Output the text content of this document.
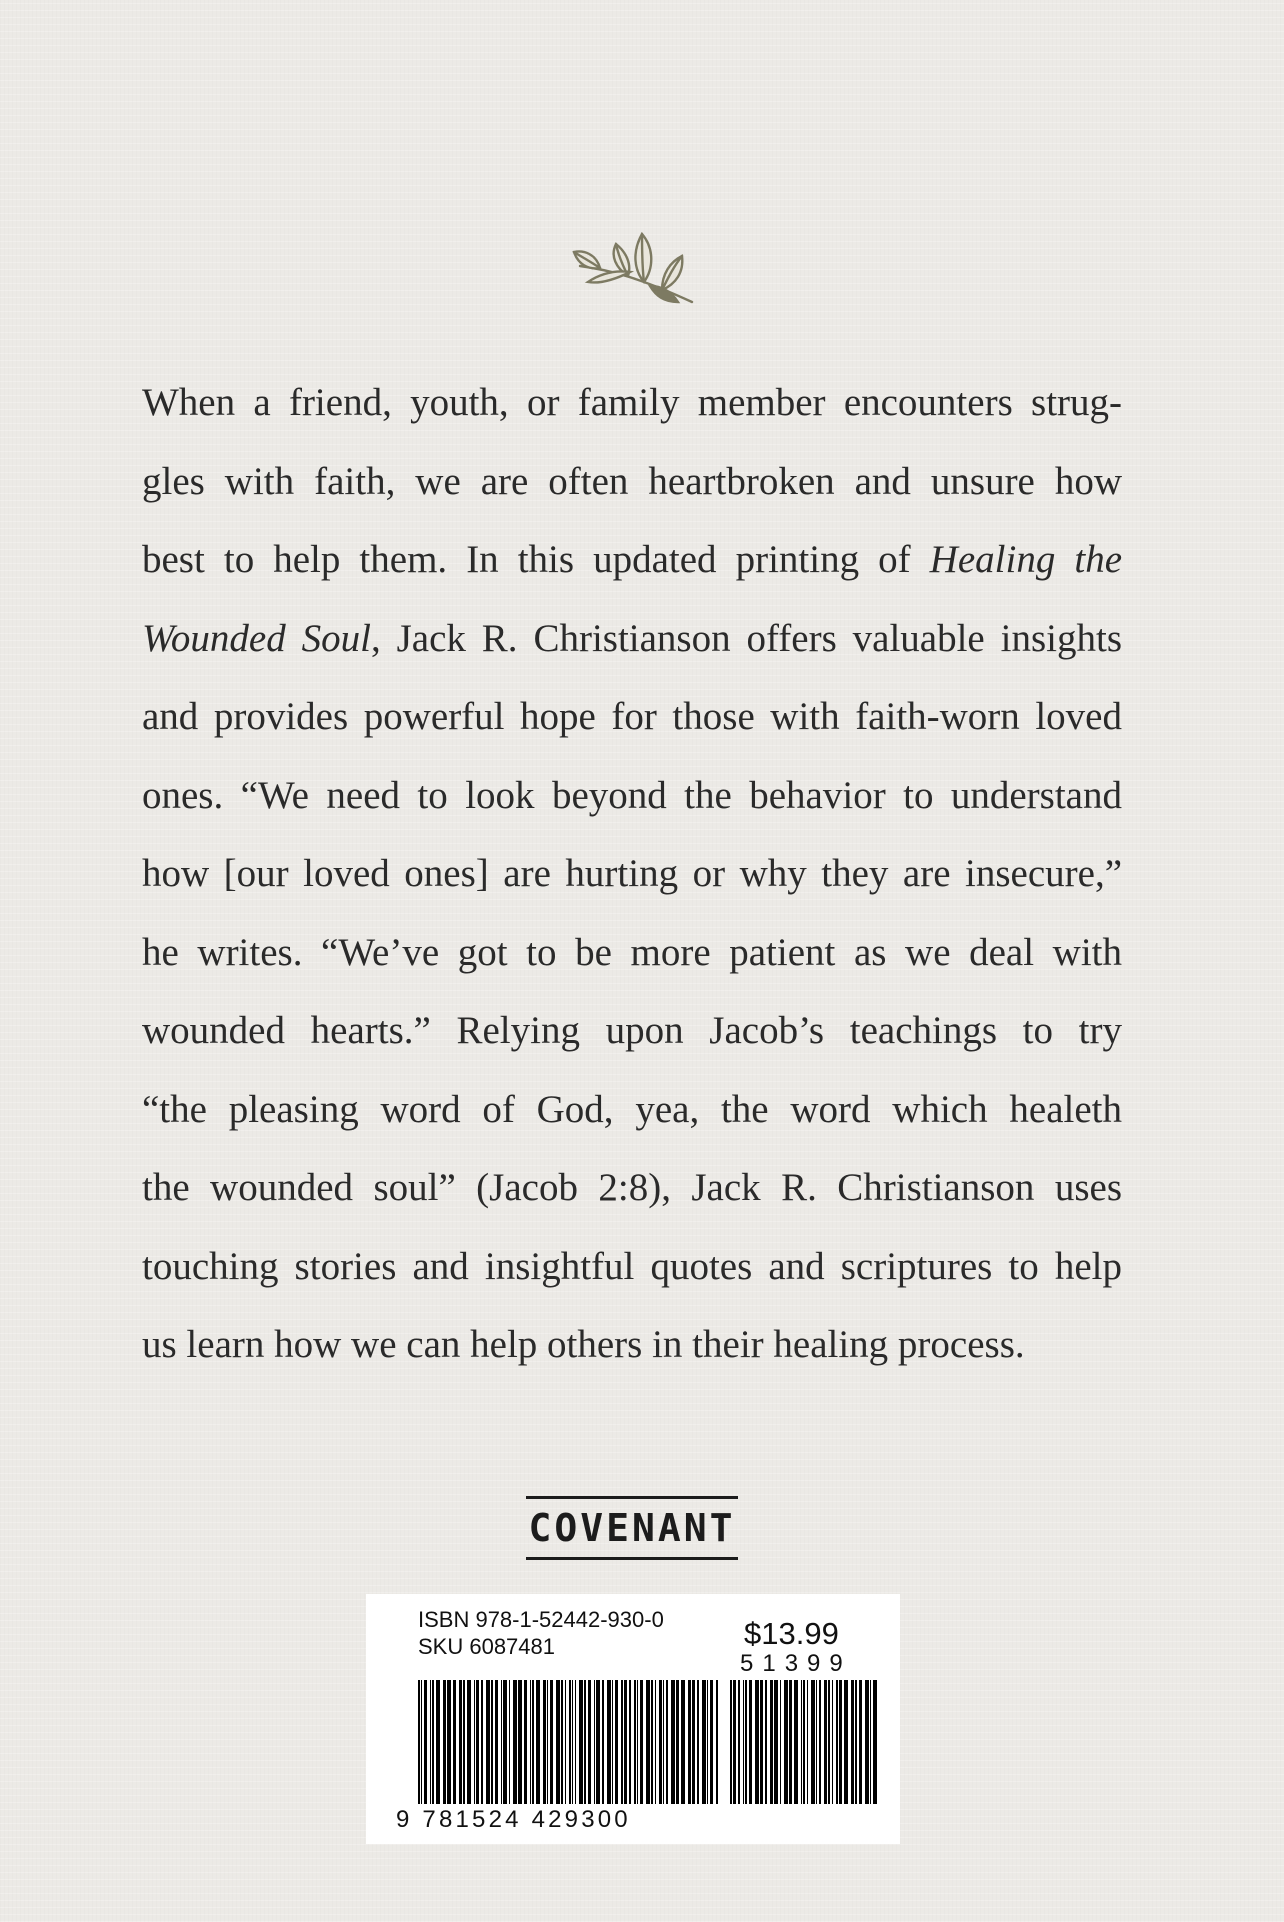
When a friend, youth, or family member encounters strug-
gles with faith, we are often heartbroken and unsure how
best to help them. In this updated printing of Healing the
Wounded Soul, Jack R. Christianson offers valuable insights
and provides powerful hope for those with faith-worn loved
ones. “We need to look beyond the behavior to understand
how [our loved ones] are hurting or why they are insecure,”
he writes. “We’ve got to be more patient as we deal with
wounded hearts.” Relying upon Jacob’s teachings to try
“the pleasing word of God, yea, the word which healeth
the wounded soul” (Jacob 2:8), Jack R. Christianson uses
touching stories and insightful quotes and scriptures to help
us learn how we can help others in their healing process.
COVENANT
ISBN 978-1-52442-930-0
SKU 6087481	$13.99
51399
9 781524 429300
